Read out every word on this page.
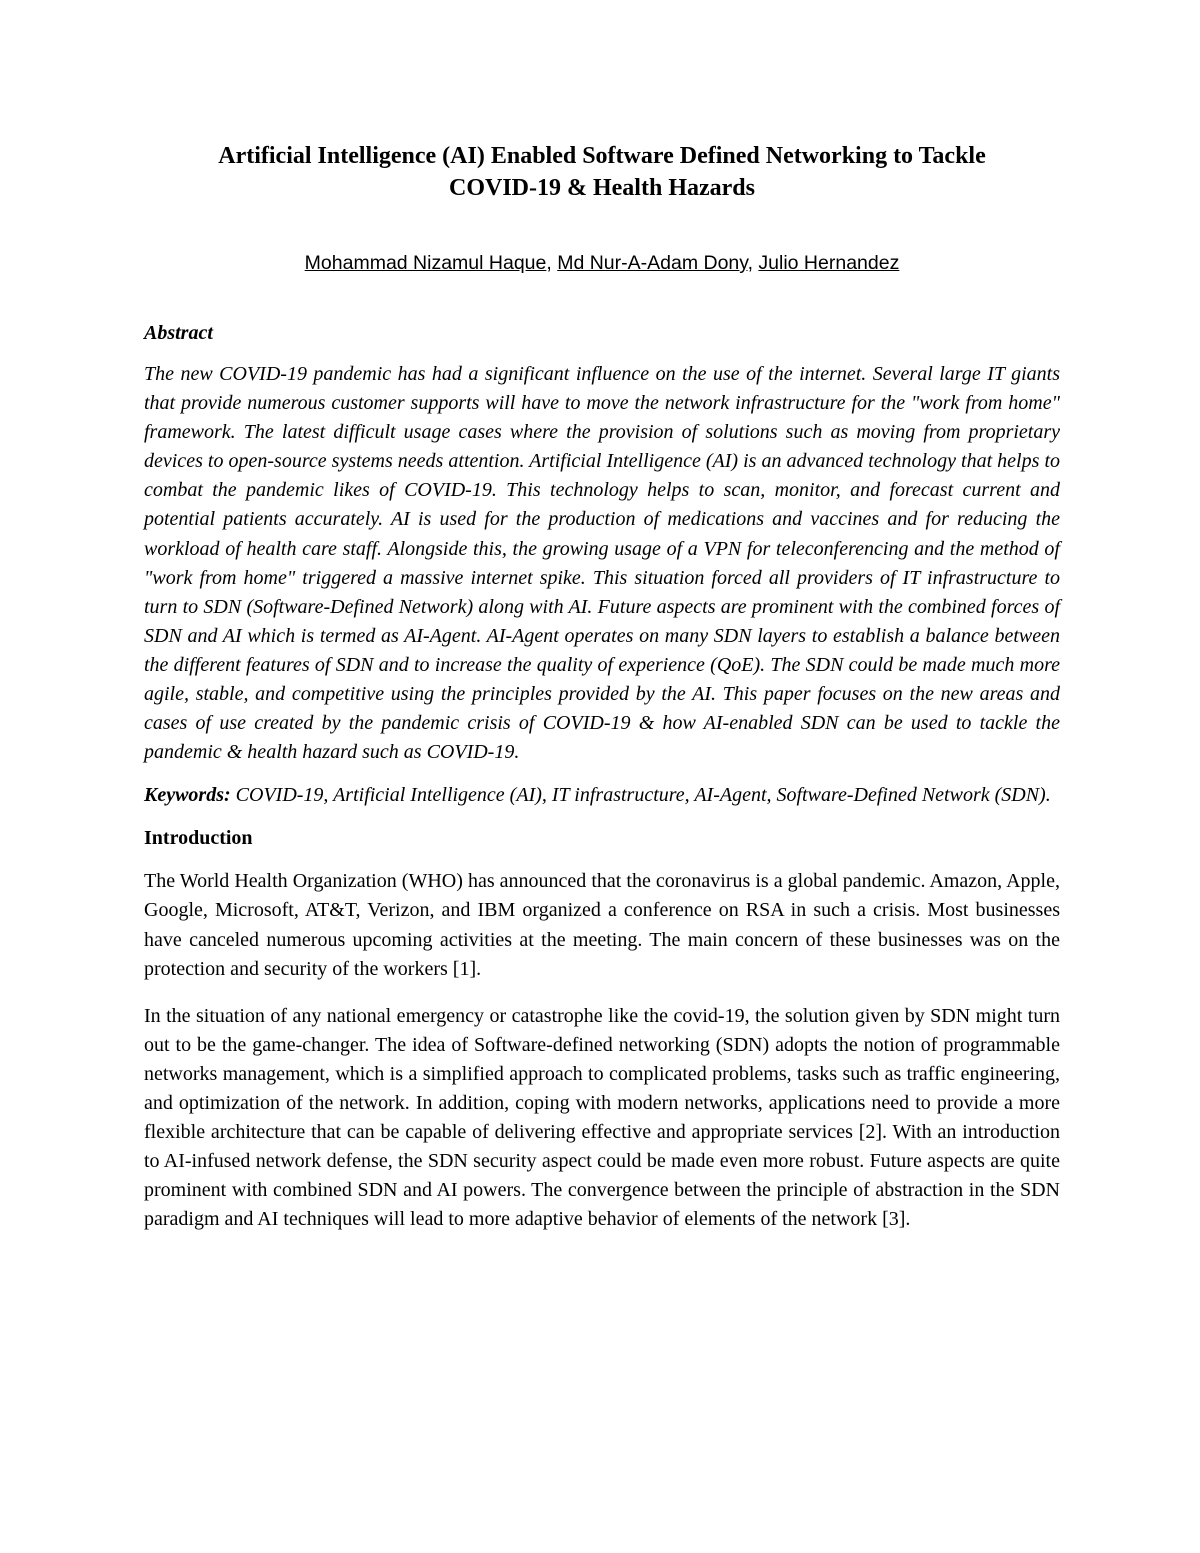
Artificial Intelligence (AI) Enabled Software Defined Networking to Tackle
COVID-19 & Health Hazards
Mohammad Nizamul Haque, Md Nur-A-Adam Dony, Julio Hernandez
Abstract

The new COVID-19 pandemic has had a significant influence on the use of the internet. Several large IT giants that provide numerous customer supports will have to move the network infrastructure for the "work from home" framework. The latest difficult usage cases where the provision of solutions such as moving from proprietary devices to open-source systems needs attention. Artificial Intelligence (AI) is an advanced technology that helps to combat the pandemic likes of COVID-19. This technology helps to scan, monitor, and forecast current and potential patients accurately. AI is used for the production of medications and vaccines and for reducing the workload of health care staff. Alongside this, the growing usage of a VPN for teleconferencing and the method of "work from home" triggered a massive internet spike. This situation forced all providers of IT infrastructure to turn to SDN (Software-Defined Network) along with AI. Future aspects are prominent with the combined forces of SDN and AI which is termed as AI-Agent. AI-Agent operates on many SDN layers to establish a balance between the different features of SDN and to increase the quality of experience (QoE). The SDN could be made much more agile, stable, and competitive using the principles provided by the AI. This paper focuses on the new areas and cases of use created by the pandemic crisis of COVID-19 & how AI-enabled SDN can be used to tackle the pandemic & health hazard such as COVID-19.

Keywords: COVID-19, Artificial Intelligence (AI), IT infrastructure, AI-Agent, Software-Defined Network (SDN).

Introduction

The World Health Organization (WHO) has announced that the coronavirus is a global pandemic. Amazon, Apple, Google, Microsoft, AT&T, Verizon, and IBM organized a conference on RSA in such a crisis. Most businesses have canceled numerous upcoming activities at the meeting. The main concern of these businesses was on the protection and security of the workers [1].

In the situation of any national emergency or catastrophe like the covid-19, the solution given by SDN might turn out to be the game-changer. The idea of Software-defined networking (SDN) adopts the notion of programmable networks management, which is a simplified approach to complicated problems, tasks such as traffic engineering, and optimization of the network. In addition, coping with modern networks, applications need to provide a more flexible architecture that can be capable of delivering effective and appropriate services [2]. With an introduction to AI-infused network defense, the SDN security aspect could be made even more robust. Future aspects are quite prominent with combined SDN and AI powers. The convergence between the principle of abstraction in the SDN paradigm and AI techniques will lead to more adaptive behavior of elements of the network [3].
